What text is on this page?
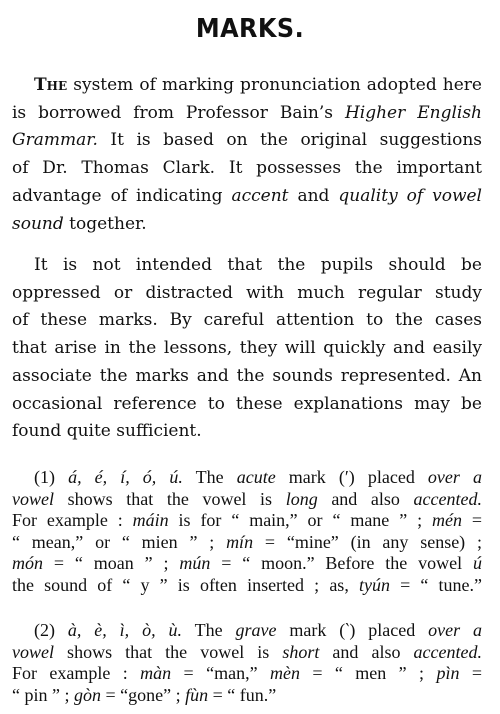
MARKS.
The system of marking pronunciation adopted here
is borrowed from Professor Bain’s Higher English
Grammar. It is based on the original suggestions
of Dr. Thomas Clark. It possesses the important
advantage of indicating accent and quality of vowel
sound together.
It is not intended that the pupils should be
oppressed or distracted with much regular study
of these marks. By careful attention to the cases
that arise in the lessons, they will quickly and easily
associate the marks and the sounds represented. An
occasional reference to these explanations may be
found quite sufficient.
(1) á, é, í, ó, ú. The acute mark (′) placed over a
vowel shows that the vowel is long and also accented.
For example : máin is for “ main,” or “ mane ” ; mén =
“ mean,” or “ mien ” ; mín = “mine” (in any sense) ;
món = “ moan ” ; mún = “ moon.” Before the vowel ú
the sound of “ y ” is often inserted ; as, tyún = “ tune.”
(2) à, è, ì, ò, ù. The grave mark (‵) placed over a
vowel shows that the vowel is short and also accented.
For example : màn = “man,” mèn = “ men ” ; pìn =
“ pin ” ; gòn = “gone” ; fùn = “ fun.”
